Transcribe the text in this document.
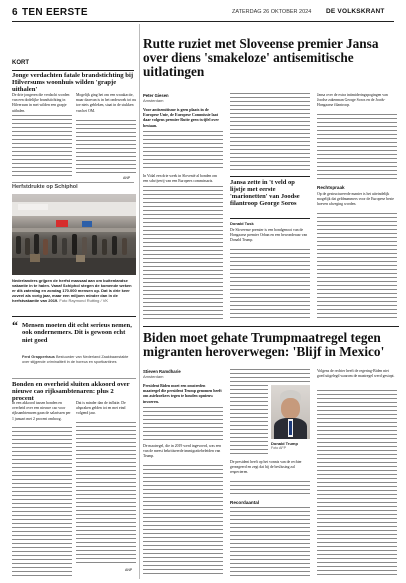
6 TEN EERSTE	ZATERDAG 26 OKTOBER 2024 DE VOLKSKRANT
KORT
Jonge verdachten fatale brandstichting bij Hilversums woonhuis wilden 'grapje uithalen'
De drie jongeren die verdacht worden van een dodelijke brandstichting in Hilversum in mei wilden een grapje uithalen.
Mogelijk ging het om een wraakactie, maar daarvan is in het onderzoek tot nu toe niets gebleken, staat in de stukken van het OM.
ANP
Herfstdrukte op Schiphol
Nederlanders grijpen de herfst massaal aan om buitenlandse vakantie in te halen. Vanaf Schiphol stegen de komende weken er dik zaterdag en zondag 170.000 mensen op. Dat is drie keer zoveel als vorig jaar, maar een miljoen minder dan in de herfstvakantie van 2019. Foto Raymond Rutting / VK
“ Mensen moeten dit echt serieus nemen, ook ondernemers. Dit is gewoon echt niet goed
Ferd Grapperhaus Bestuurder van Nederland Zaakbaanstakte over stijgende criminaliteit in de horeca en sportkantines
Bonden en overheid sluiten akkoord over nieuwe cao rijksambtenaren: plus 2 procent
In een akkoord tussen bonden en overheid over een nieuwe cao voor rijksambtenaren gaan de salarissen per 1 januari met 2 procent omhoog.
Dat is minder dan de inflatie. De afspraken gelden tot en met eind volgend jaar.
ANP
Rutte ruziet met Sloveense premier Jansa over diens 'smakeloze' antisemitische uitlatingen
Peter Giesen
Amsterdam
Voor antisemitisme is geen plaats in de Europese Unie, de Europese Commissie laat daar volgens premier Rutte geen twijfel over bestaan.
In Vidal een drie week in Slovenië al bonden om een schrijverij van een Europees commissaris.	Jansa zette in 't veld op lijstje met eerste 'marionetten' van Joodse filantroop George Soros
Donald Tusk
De Sloveense premier is een bondgenoot van de Hongaarse premier Orban en een bewonderaar van Donald Trump.
Jansa over de extra intimideringspogingen van Joodse zakenman George Soros en de Joods-Hongaarse filantroop.
Rechtspraak
Op de gestructureerde manier is het uiteindelijk mogelijk dat geldnummers voor de Europese beste hoeven afweging worden.
Biden moet gehate Trumpmaatregel tegen migranten heroverwegen: 'Blijf in Mexico'
Stieven Ramdharie
Amsterdam
President Biden moet een omstreden maatregel die president Trump genomen heeft om asielzoekers tegen te houden opnieuw invoeren.
De maatregel, die in 2019 werd ingevoerd, was een van de meest bekritiseerde immigratiebeleiden van Trump.
Donald Trump
Foto AFP
De president heeft op het vonnis van de rechter gereageerd en zegt dat hij de beslissing zal respecteren.
Recordaantal
Volgens de rechter heeft de regering-Biden niet goed uitgelegd waarom de maatregel werd gestopt.
